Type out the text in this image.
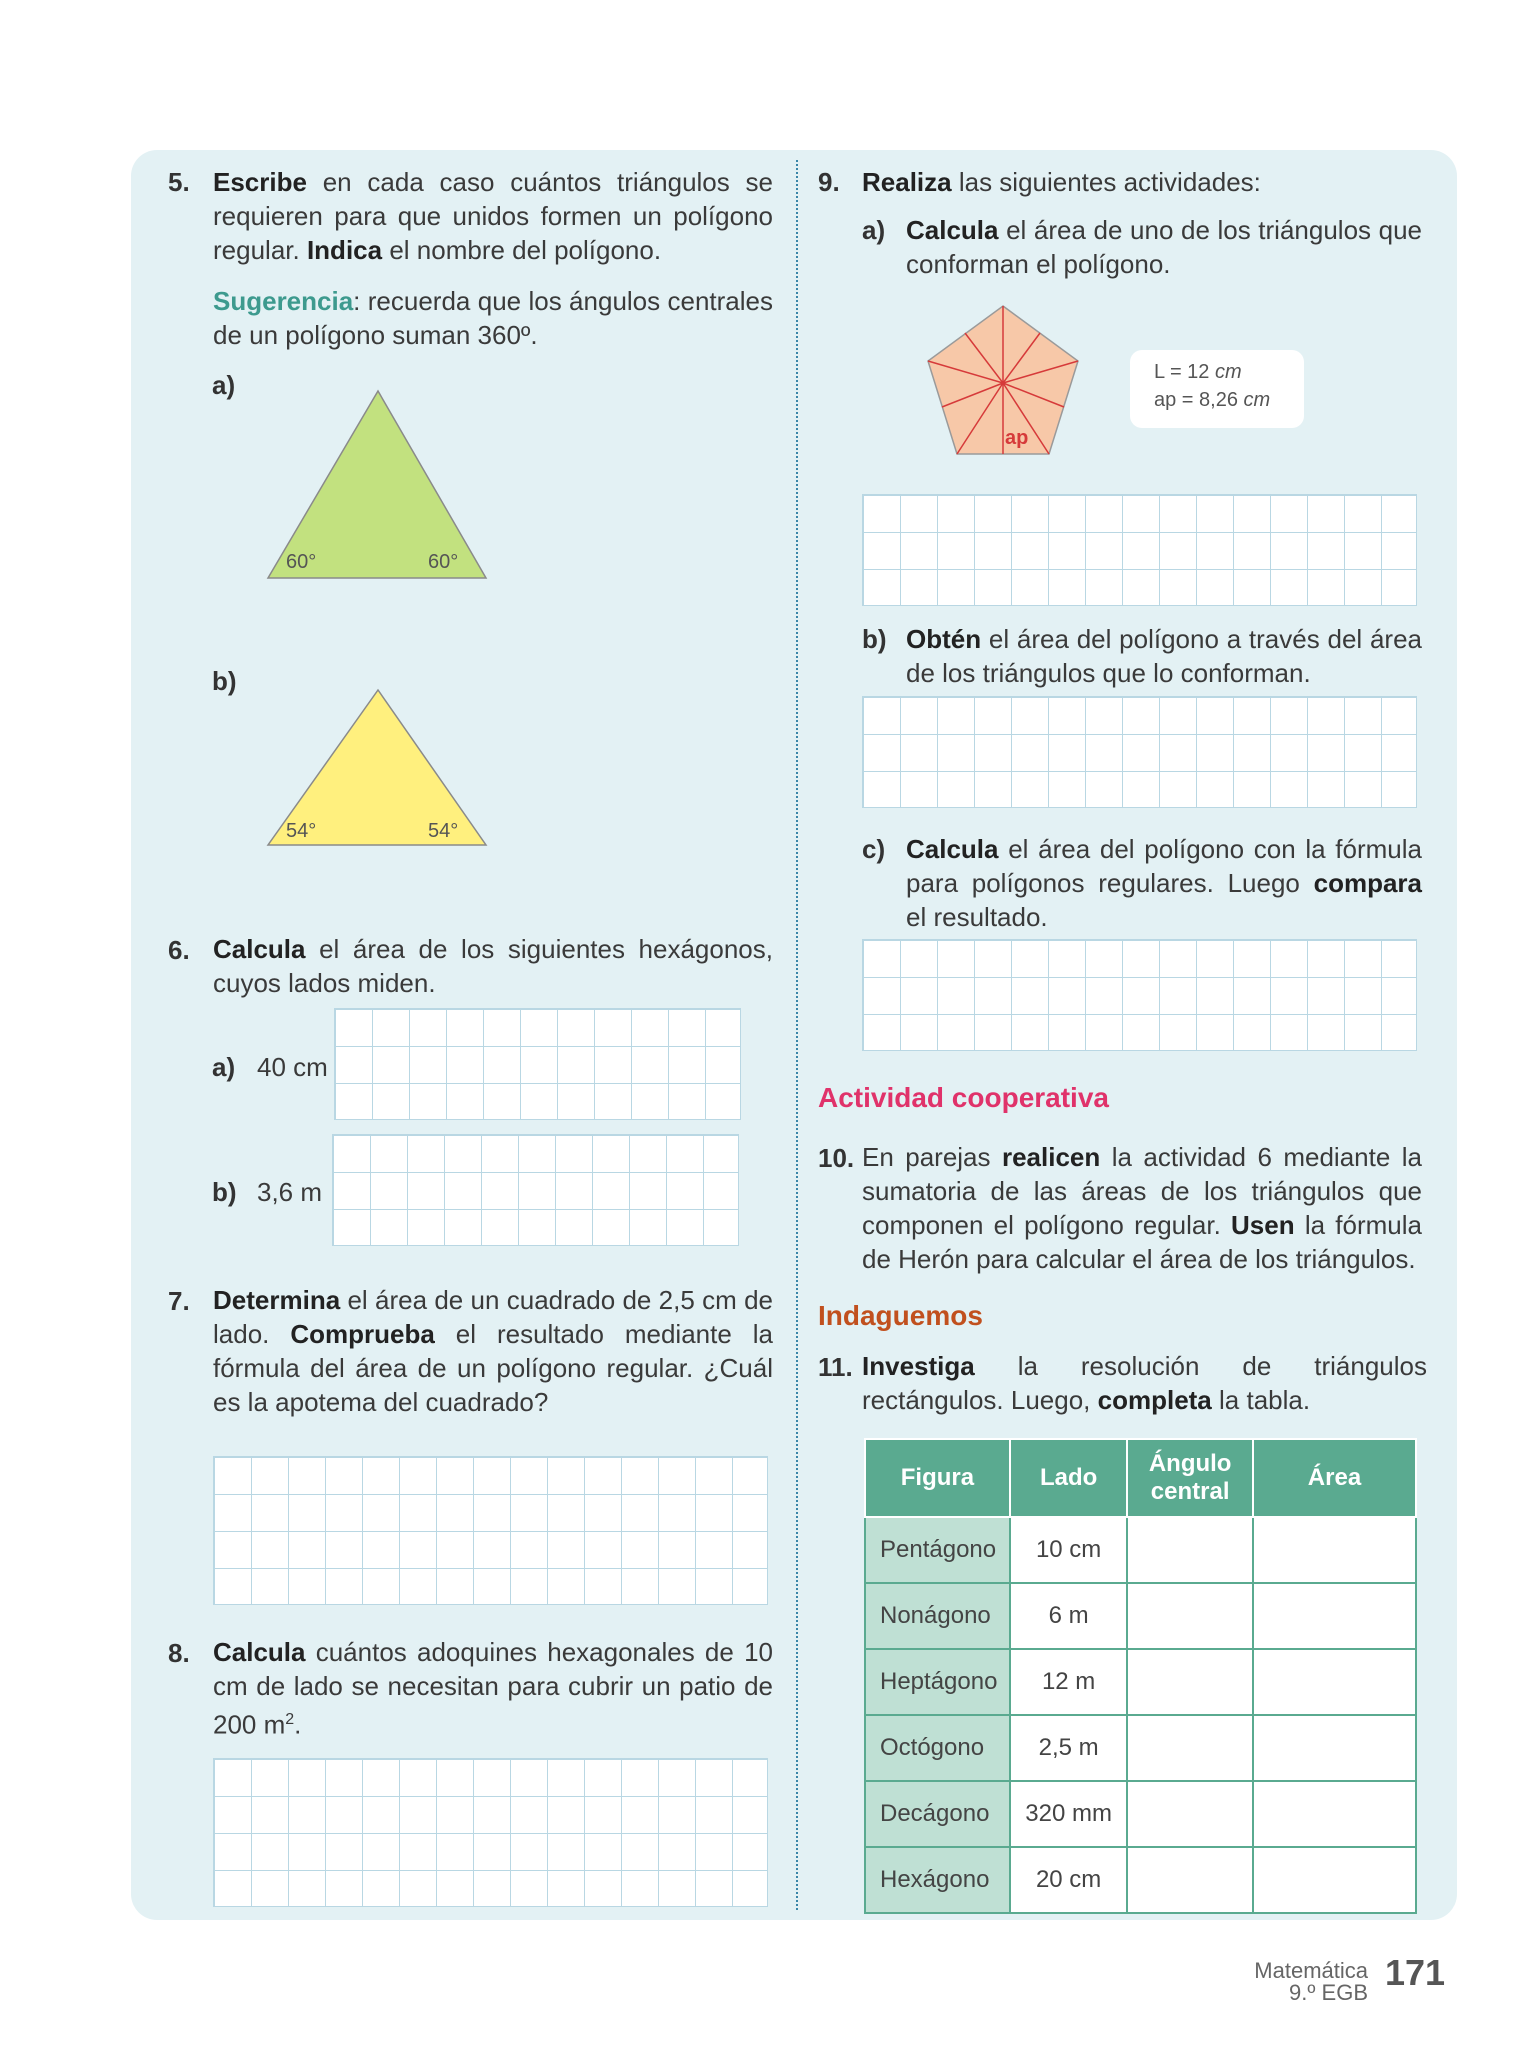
5. Escribe en cada caso cuántos triángulos se requieren para que unidos formen un polígono regular. Indica el nombre del polígono.
Sugerencia: recuerda que los ángulos centrales de un polígono suman 360º.
a)
60°	60°
b)
54°	54°
6. Calcula el área de los siguientes hexágonos, cuyos lados miden.
a) 40 cm
b) 3,6 m
7. Determina el área de un cuadrado de 2,5 cm de lado. Comprueba el resultado mediante la fórmula del área de un polígono regular. ¿Cuál es la apotema del cuadrado?
8. Calcula cuántos adoquines hexagonales de 10 cm de lado se necesitan para cubrir un patio de 200 $m^2$.
9. Realiza las siguientes actividades:
a) Calcula el área de uno de los triángulos que conforman el polígono.
ap
L = 12 cm
ap = 8,26 cm
b) Obtén el área del polígono a través del área de los triángulos que lo conforman.
c) Calcula el área del polígono con la fórmula para polígonos regulares. Luego compara el resultado.
Actividad cooperativa
10. En parejas realicen la actividad 6 mediante la sumatoria de las áreas de los triángulos que componen el polígono regular. Usen la fórmula de Herón para calcular el área de los triángulos.
Indaguemos
11. Investiga la resolución de triángulos rectángulos. Luego, completa la tabla.
Figura	Lado	Ángulo central	Área
Pentágono	10 cm		
Nonágono	6 m		
Heptágono	12 m		
Octógono	2,5 m		
Decágono	320 mm		
Hexágono	20 cm		
Matemática
9.º EGB 171
